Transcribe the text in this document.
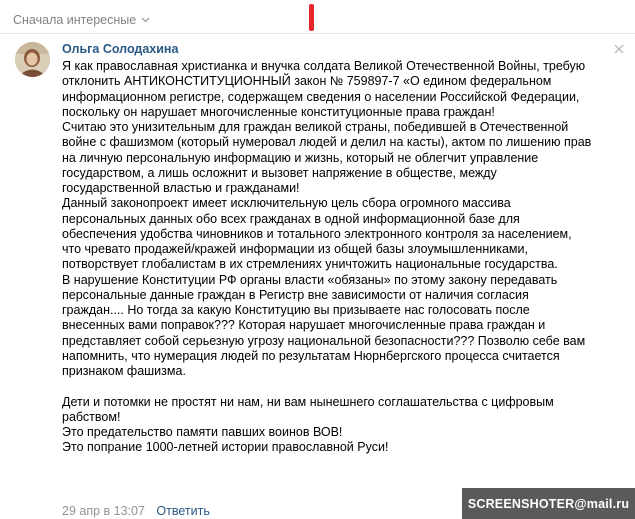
Сначала интересные
Ольга Солодахина
Я как православная христианка и внучка солдата Великой Отечественной Войны, требую
отклонить АНТИКОНСТИТУЦИОННЫЙ закон № 759897-7 «О едином федеральном
информационном регистре, содержащем сведения о населении Российской Федерации,
поскольку он нарушает многочисленные конституционные права граждан!
Считаю это унизительным для граждан великой страны, победившей в Отечественной
войне с фашизмом (который нумеровал людей и делил на касты), актом по лишению прав
на личную персональную информацию и жизнь, который не облегчит управление
государством, а лишь осложнит и вызовет напряжение в обществе, между
государственной властью и гражданами!
Данный законопроект имеет исключительную цель сбора огромного массива
персональных данных обо всех гражданах в одной информационной базе для
обеспечения удобства чиновников и тотального электронного контроля за населением,
что чревато продажей/кражей информации из общей базы злоумышленниками,
потворствует глобалистам в их стремлениях уничтожить национальные государства.
В нарушение Конституции РФ органы власти «обязаны» по этому закону передавать
персональные данные граждан в Регистр вне зависимости от наличия согласия
граждан.... Но тогда за какую Конституцию вы призываете нас голосовать после
внесенных вами поправок??? Которая нарушает многочисленные права граждан и
представляет собой серьезную угрозу национальной безопасности??? Позволю себе вам
напомнить, что нумерация людей по результатам Нюрнбергского процесса считается
признаком фашизма.

Дети и потомки не простят ни нам, ни вам нынешнего соглашательства с цифровым
рабством!
Это предательство памяти павших воинов ВОВ!
Это попрание 1000-летней истории православной Руси!
29 апр в 13:07 Ответить
SCREENSHOTER@mail.ru
